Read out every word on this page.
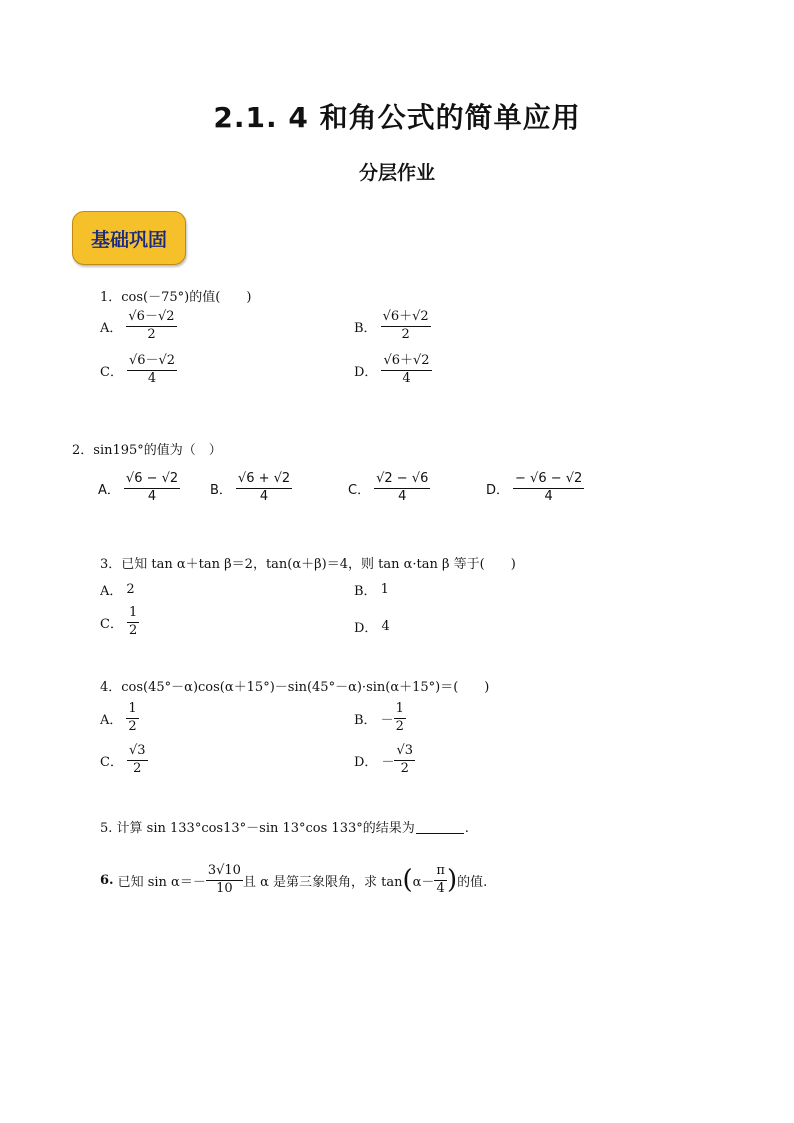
2.1. 4 和角公式的简单应用
分层作业
基础巩固
1．cos(－75°)的值(　　)
A． $\frac{√6-√2}{2}$	B． $\frac{√6+√2}{2}$
C． $\frac{√6-√2}{4}$	D． $\frac{√6+√2}{4}$
2．sin195°的值为（　）
A． $\frac{√6 - √2}{4}$ B． $\frac{√6 + √2}{4}$	C． $\frac{√2 - √6}{4}$	D． $\frac{- √6 - √2}{4}$
3．已知 tan α＋tan β＝2，tan(α＋β)＝4，则 tan α·tan β 等于(　　)
A． 2	B． 1
C． $\frac{1}{2}$	D． 4
4．cos(45°－α)cos(α＋15°)－sin(45°－α)·sin(α＋15°)＝(　　)
A． $\frac{1}{2}$	B． － $\frac{1}{2}$
C． $\frac{√3}{2}$	D． － $\frac{√3}{2}$
5. 计算 sin 133°cos13°－sin 13°cos 133°的结果为	.
6. 已知 $\sin \alpha=- \frac{3√10}{10}$ 且 α 是第三象限角，求 tan ( $\alpha- \frac{\pi}{4}$ ) 的值.
